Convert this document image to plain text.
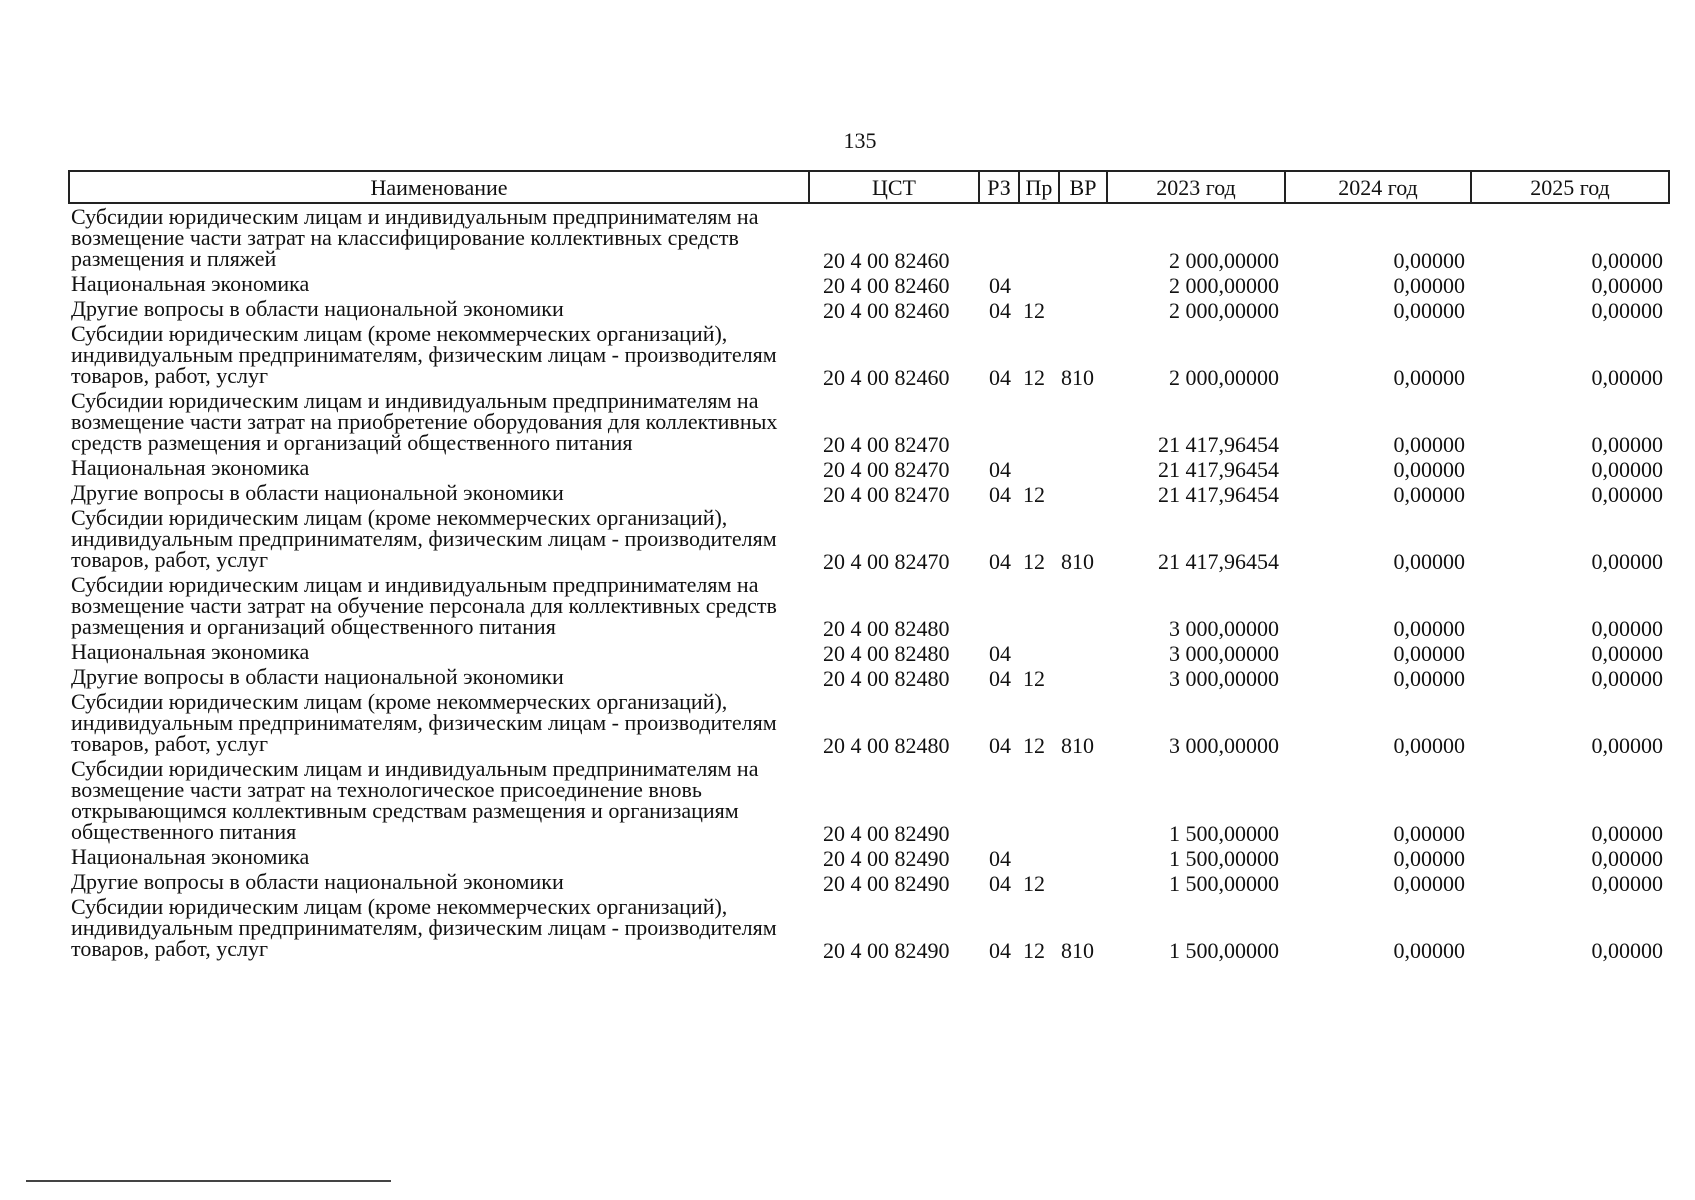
135
Наименование	ЦСТ	РЗ	Пр	ВР	2023 год	2024 год	2025 год
Субсидии юридическим лицам и индивидуальным предпринимателям на возмещение части затрат на классифицирование коллективных средств размещения и пляжей	20 4 00 82460				2 000,00000	0,00000	0,00000
Национальная экономика	20 4 00 82460	04			2 000,00000	0,00000	0,00000
Другие вопросы в области национальной экономики	20 4 00 82460	04	12		2 000,00000	0,00000	0,00000
Субсидии юридическим лицам (кроме некоммерческих организаций), индивидуальным предпринимателям, физическим лицам - производителям товаров, работ, услуг	20 4 00 82460	04	12	810	2 000,00000	0,00000	0,00000
Субсидии юридическим лицам и индивидуальным предпринимателям на возмещение части затрат на приобретение оборудования для коллективных средств размещения и организаций общественного питания	20 4 00 82470				21 417,96454	0,00000	0,00000
Национальная экономика	20 4 00 82470	04			21 417,96454	0,00000	0,00000
Другие вопросы в области национальной экономики	20 4 00 82470	04	12		21 417,96454	0,00000	0,00000
Субсидии юридическим лицам (кроме некоммерческих организаций), индивидуальным предпринимателям, физическим лицам - производителям товаров, работ, услуг	20 4 00 82470	04	12	810	21 417,96454	0,00000	0,00000
Субсидии юридическим лицам и индивидуальным предпринимателям на возмещение части затрат на обучение персонала для коллективных средств размещения и организаций общественного питания	20 4 00 82480				3 000,00000	0,00000	0,00000
Национальная экономика	20 4 00 82480	04			3 000,00000	0,00000	0,00000
Другие вопросы в области национальной экономики	20 4 00 82480	04	12		3 000,00000	0,00000	0,00000
Субсидии юридическим лицам (кроме некоммерческих организаций), индивидуальным предпринимателям, физическим лицам - производителям товаров, работ, услуг	20 4 00 82480	04	12	810	3 000,00000	0,00000	0,00000
Субсидии юридическим лицам и индивидуальным предпринимателям на возмещение части затрат на технологическое присоединение вновь открывающимся коллективным средствам размещения и организациям общественного питания	20 4 00 82490				1 500,00000	0,00000	0,00000
Национальная экономика	20 4 00 82490	04			1 500,00000	0,00000	0,00000
Другие вопросы в области национальной экономики	20 4 00 82490	04	12		1 500,00000	0,00000	0,00000
Субсидии юридическим лицам (кроме некоммерческих организаций), индивидуальным предпринимателям, физическим лицам - производителям товаров, работ, услуг	20 4 00 82490	04	12	810	1 500,00000	0,00000	0,00000
